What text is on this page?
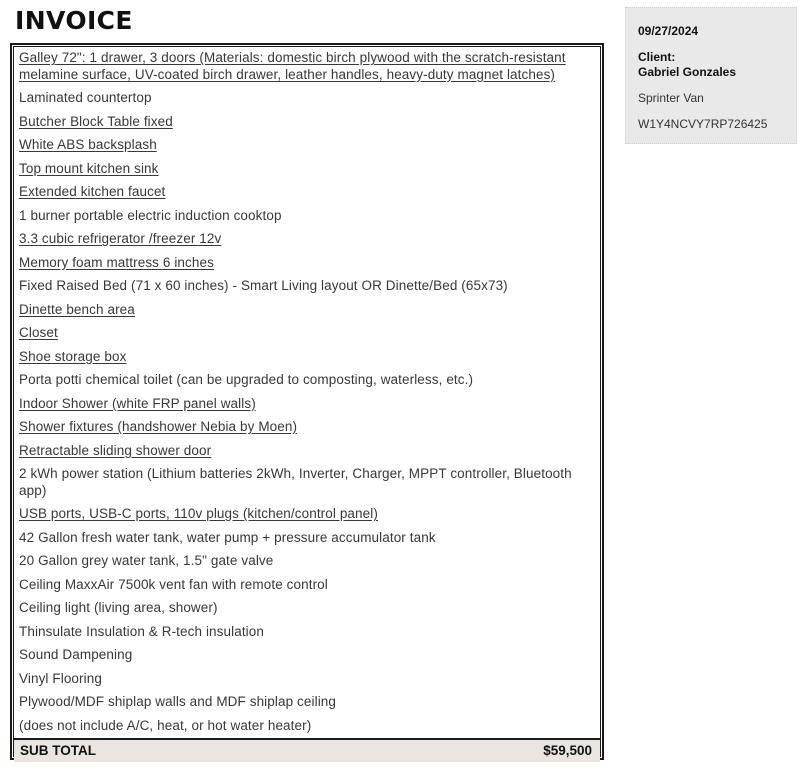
INVOICE
Galley 72": 1 drawer, 3 doors (Materials: domestic birch plywood with the scratch-resistant melamine surface, UV-coated birch drawer, leather handles, heavy-duty magnet latches)
Laminated countertop
Butcher Block Table fixed
White ABS backsplash
Top mount kitchen sink
Extended kitchen faucet
1 burner portable electric induction cooktop
3.3 cubic refrigerator /freezer 12v
Memory foam mattress 6 inches
Fixed Raised Bed (71 x 60 inches) - Smart Living layout OR Dinette/Bed (65x73)
Dinette bench area
Closet
Shoe storage box
Porta potti chemical toilet (can be upgraded to composting, waterless, etc.)
Indoor Shower (white FRP panel walls)
Shower fixtures (handshower Nebia by Moen)
Retractable sliding shower door
2 kWh power station (Lithium batteries 2kWh, Inverter, Charger, MPPT controller, Bluetooth app)
USB ports, USB-C ports, 110v plugs (kitchen/control panel)
42 Gallon fresh water tank, water pump + pressure accumulator tank
20 Gallon grey water tank, 1.5" gate valve
Ceiling MaxxAir 7500k vent fan with remote control
Ceiling light (living area, shower)
Thinsulate Insulation & R-tech insulation
Sound Dampening
Vinyl Flooring
Plywood/MDF shiplap walls and MDF shiplap ceiling
(does not include A/C, heat, or hot water heater)
SUB TOTAL	$59,500
09/27/2024
Client:
Gabriel Gonzales
Sprinter Van
W1Y4NCVY7RP726425
